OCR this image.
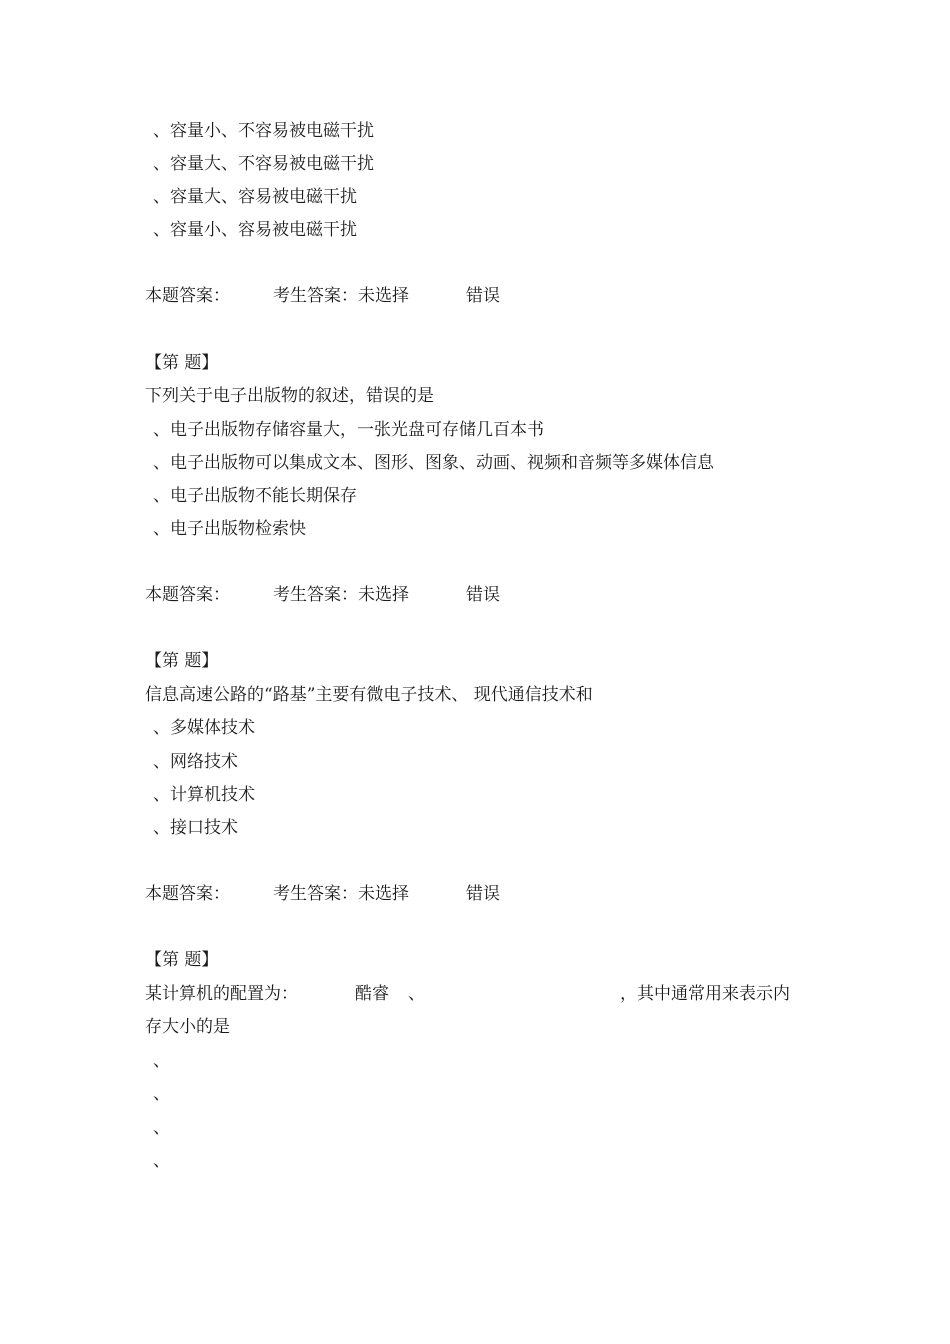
、容量小、不容易被电磁干扰
、容量大、不容易被电磁干扰
、容量大、容易被电磁干扰
、容量小、容易被电磁干扰
本题答案：	考生答案：未选择	错误
【第 题】
下列关于电子出版物的叙述，错误的是
、电子出版物存储容量大，一张光盘可存储几百本书
、电子出版物可以集成文本、图形、图象、动画、视频和音频等多媒体信息
、电子出版物不能长期保存
、电子出版物检索快
本题答案：	考生答案：未选择	错误
【第 题】
信息高速公路的“路基”主要有微电子技术、 现代通信技术和
、多媒体技术
、网络技术
、计算机技术
、接口技术
本题答案：	考生答案：未选择	错误
【第 题】
某计算机的配置为：	酷睿 、	，其中通常用来表示内
存大小的是
、
、
、
、
